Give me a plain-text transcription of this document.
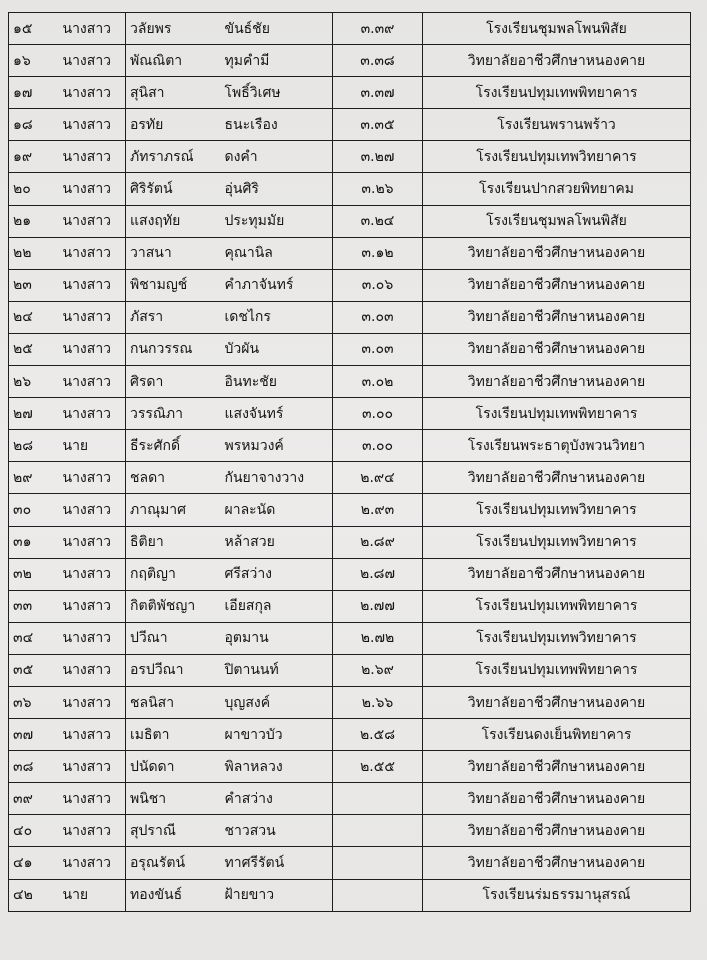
๑๕	นางสาว	วลัยพร	ขันธ์ชัย	๓.๓๙	โรงเรียนชุมพลโพนพิสัย
๑๖	นางสาว	พัณณิตา	ทุมคำมี	๓.๓๘	วิทยาลัยอาชีวศึกษาหนองคาย
๑๗	นางสาว	สุนิสา	โพธิ์วิเศษ	๓.๓๗	โรงเรียนปทุมเทพพิทยาคาร
๑๘	นางสาว	อรทัย	ธนะเรือง	๓.๓๕	โรงเรียนพรานพร้าว
๑๙	นางสาว	ภัทราภรณ์	ดงคำ	๓.๒๗	โรงเรียนปทุมเทพวิทยาคาร
๒๐	นางสาว	ศิริรัตน์	อุ่นศิริ	๓.๒๖	โรงเรียนปากสวยพิทยาคม
๒๑	นางสาว	แสงฤทัย	ประทุมมัย	๓.๒๔	โรงเรียนชุมพลโพนพิสัย
๒๒	นางสาว	วาสนา	คุณานิล	๓.๑๒	วิทยาลัยอาชีวศึกษาหนองคาย
๒๓	นางสาว	พิชามญช์	คำภาจันทร์	๓.๐๖	วิทยาลัยอาชีวศึกษาหนองคาย
๒๔	นางสาว	ภัสรา	เดชไกร	๓.๐๓	วิทยาลัยอาชีวศึกษาหนองคาย
๒๕	นางสาว	กนกวรรณ	บัวผัน	๓.๐๓	วิทยาลัยอาชีวศึกษาหนองคาย
๒๖	นางสาว	ศิรดา	อินทะชัย	๓.๐๒	วิทยาลัยอาชีวศึกษาหนองคาย
๒๗	นางสาว	วรรณิภา	แสงจันทร์	๓.๐๐	โรงเรียนปทุมเทพพิทยาคาร
๒๘	นาย	ธีระศักดิ์	พรหมวงค์	๓.๐๐	โรงเรียนพระธาตุบังพวนวิทยา
๒๙	นางสาว	ชลดา	กันยาจางวาง	๒.๙๔	วิทยาลัยอาชีวศึกษาหนองคาย
๓๐	นางสาว	ภาณุมาศ	ผาละนัด	๒.๙๓	โรงเรียนปทุมเทพวิทยาคาร
๓๑	นางสาว	ธิติยา	หล้าสวย	๒.๘๙	โรงเรียนปทุมเทพวิทยาคาร
๓๒	นางสาว	กฤติญา	ศรีสว่าง	๒.๘๗	วิทยาลัยอาชีวศึกษาหนองคาย
๓๓	นางสาว	กิตติพัชญา	เอียสกุล	๒.๗๗	โรงเรียนปทุมเทพพิทยาคาร
๓๔	นางสาว	ปวีณา	อุตมาน	๒.๗๒	โรงเรียนปทุมเทพวิทยาคาร
๓๕	นางสาว	อรปวีณา	ปิตานนท์	๒.๖๙	โรงเรียนปทุมเทพพิทยาคาร
๓๖	นางสาว	ชลนิสา	บุญสงค์	๒.๖๖	วิทยาลัยอาชีวศึกษาหนองคาย
๓๗	นางสาว	เมธิตา	ผาขาวบัว	๒.๕๘	โรงเรียนดงเย็นพิทยาคาร
๓๘	นางสาว	ปนัดดา	พิลาหลวง	๒.๕๕	วิทยาลัยอาชีวศึกษาหนองคาย
๓๙	นางสาว	พนิชา	คำสว่าง		วิทยาลัยอาชีวศึกษาหนองคาย
๔๐	นางสาว	สุปราณี	ชาวสวน		วิทยาลัยอาชีวศึกษาหนองคาย
๔๑	นางสาว	อรุณรัตน์	ทาศรีรัตน์		วิทยาลัยอาชีวศึกษาหนองคาย
๔๒	นาย	ทองขันธ์	ฝ้ายขาว		โรงเรียนร่มธรรมานุสรณ์
